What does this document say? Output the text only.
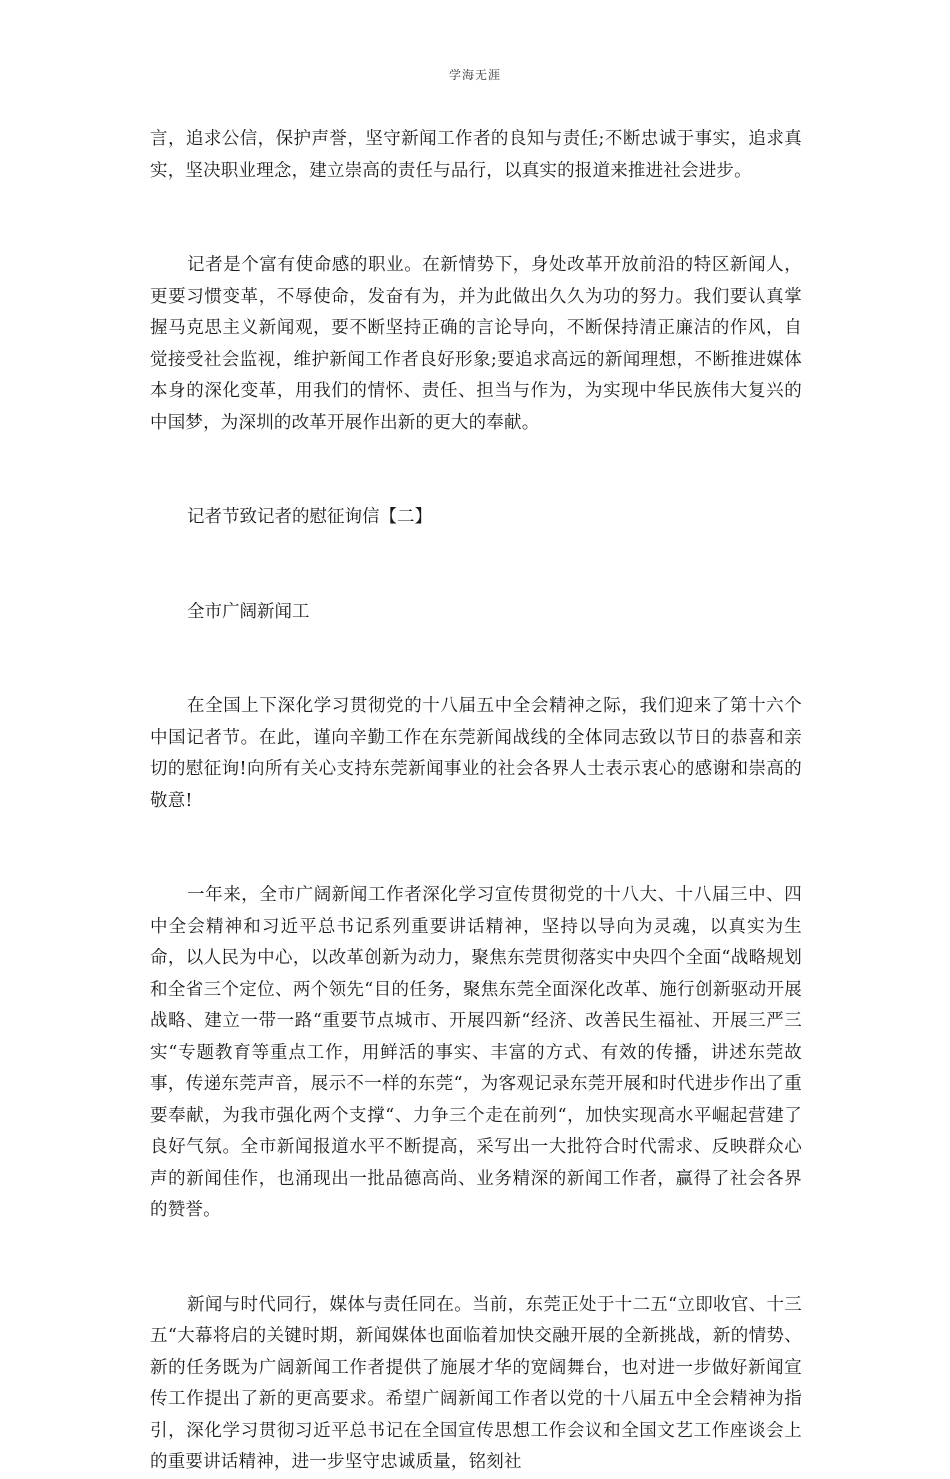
学海无涯

言，追求公信，保护声誉，坚守新闻工作者的良知与责任;不断忠诚于事实，追求真实，坚决职业理念，建立崇高的责任与品行，以真实的报道来推进社会进步。

记者是个富有使命感的职业。在新情势下，身处改革开放前沿的特区新闻人，更要习惯变革，不辱使命，发奋有为，并为此做出久久为功的努力。我们要认真掌握马克思主义新闻观，要不断坚持正确的言论导向，不断保持清正廉洁的作风，自觉接受社会监视，维护新闻工作者良好形象;要追求高远的新闻理想，不断推进媒体本身的深化变革，用我们的情怀、责任、担当与作为，为实现中华民族伟大复兴的中国梦，为深圳的改革开展作出新的更大的奉献。

记者节致记者的慰征询信【二】

全市广阔新闻工

在全国上下深化学习贯彻党的十八届五中全会精神之际，我们迎来了第十六个中国记者节。在此，谨向辛勤工作在东莞新闻战线的全体同志致以节日的恭喜和亲切的慰征询!向所有关心支持东莞新闻事业的社会各界人士表示衷心的感谢和崇高的敬意!

一年来，全市广阔新闻工作者深化学习宣传贯彻党的十八大、十八届三中、四中全会精神和习近平总书记系列重要讲话精神，坚持以导向为灵魂，以真实为生命，以人民为中心，以改革创新为动力，聚焦东莞贯彻落实中央四个全面“战略规划和全省三个定位、两个领先“目的任务，聚焦东莞全面深化改革、施行创新驱动开展战略、建立一带一路“重要节点城市、开展四新“经济、改善民生福祉、开展三严三实“专题教育等重点工作，用鲜活的事实、丰富的方式、有效的传播，讲述东莞故事，传递东莞声音，展示不一样的东莞“，为客观记录东莞开展和时代进步作出了重要奉献，为我市强化两个支撑“、力争三个走在前列“，加快实现高水平崛起营建了良好气氛。全市新闻报道水平不断提高，采写出一大批符合时代需求、反映群众心声的新闻佳作，也涌现出一批品德高尚、业务精深的新闻工作者，赢得了社会各界的赞誉。

新闻与时代同行，媒体与责任同在。当前，东莞正处于十二五“立即收官、十三五“大幕将启的关键时期，新闻媒体也面临着加快交融开展的全新挑战，新的情势、新的任务既为广阔新闻工作者提供了施展才华的宽阔舞台，也对进一步做好新闻宣传工作提出了新的更高要求。希望广阔新闻工作者以党的十八届五中全会精神为指引，深化学习贯彻习近平总书记在全国宣传思想工作会议和全国文艺工作座谈会上的重要讲话精神，进一步坚守忠诚质量，铭刻社
